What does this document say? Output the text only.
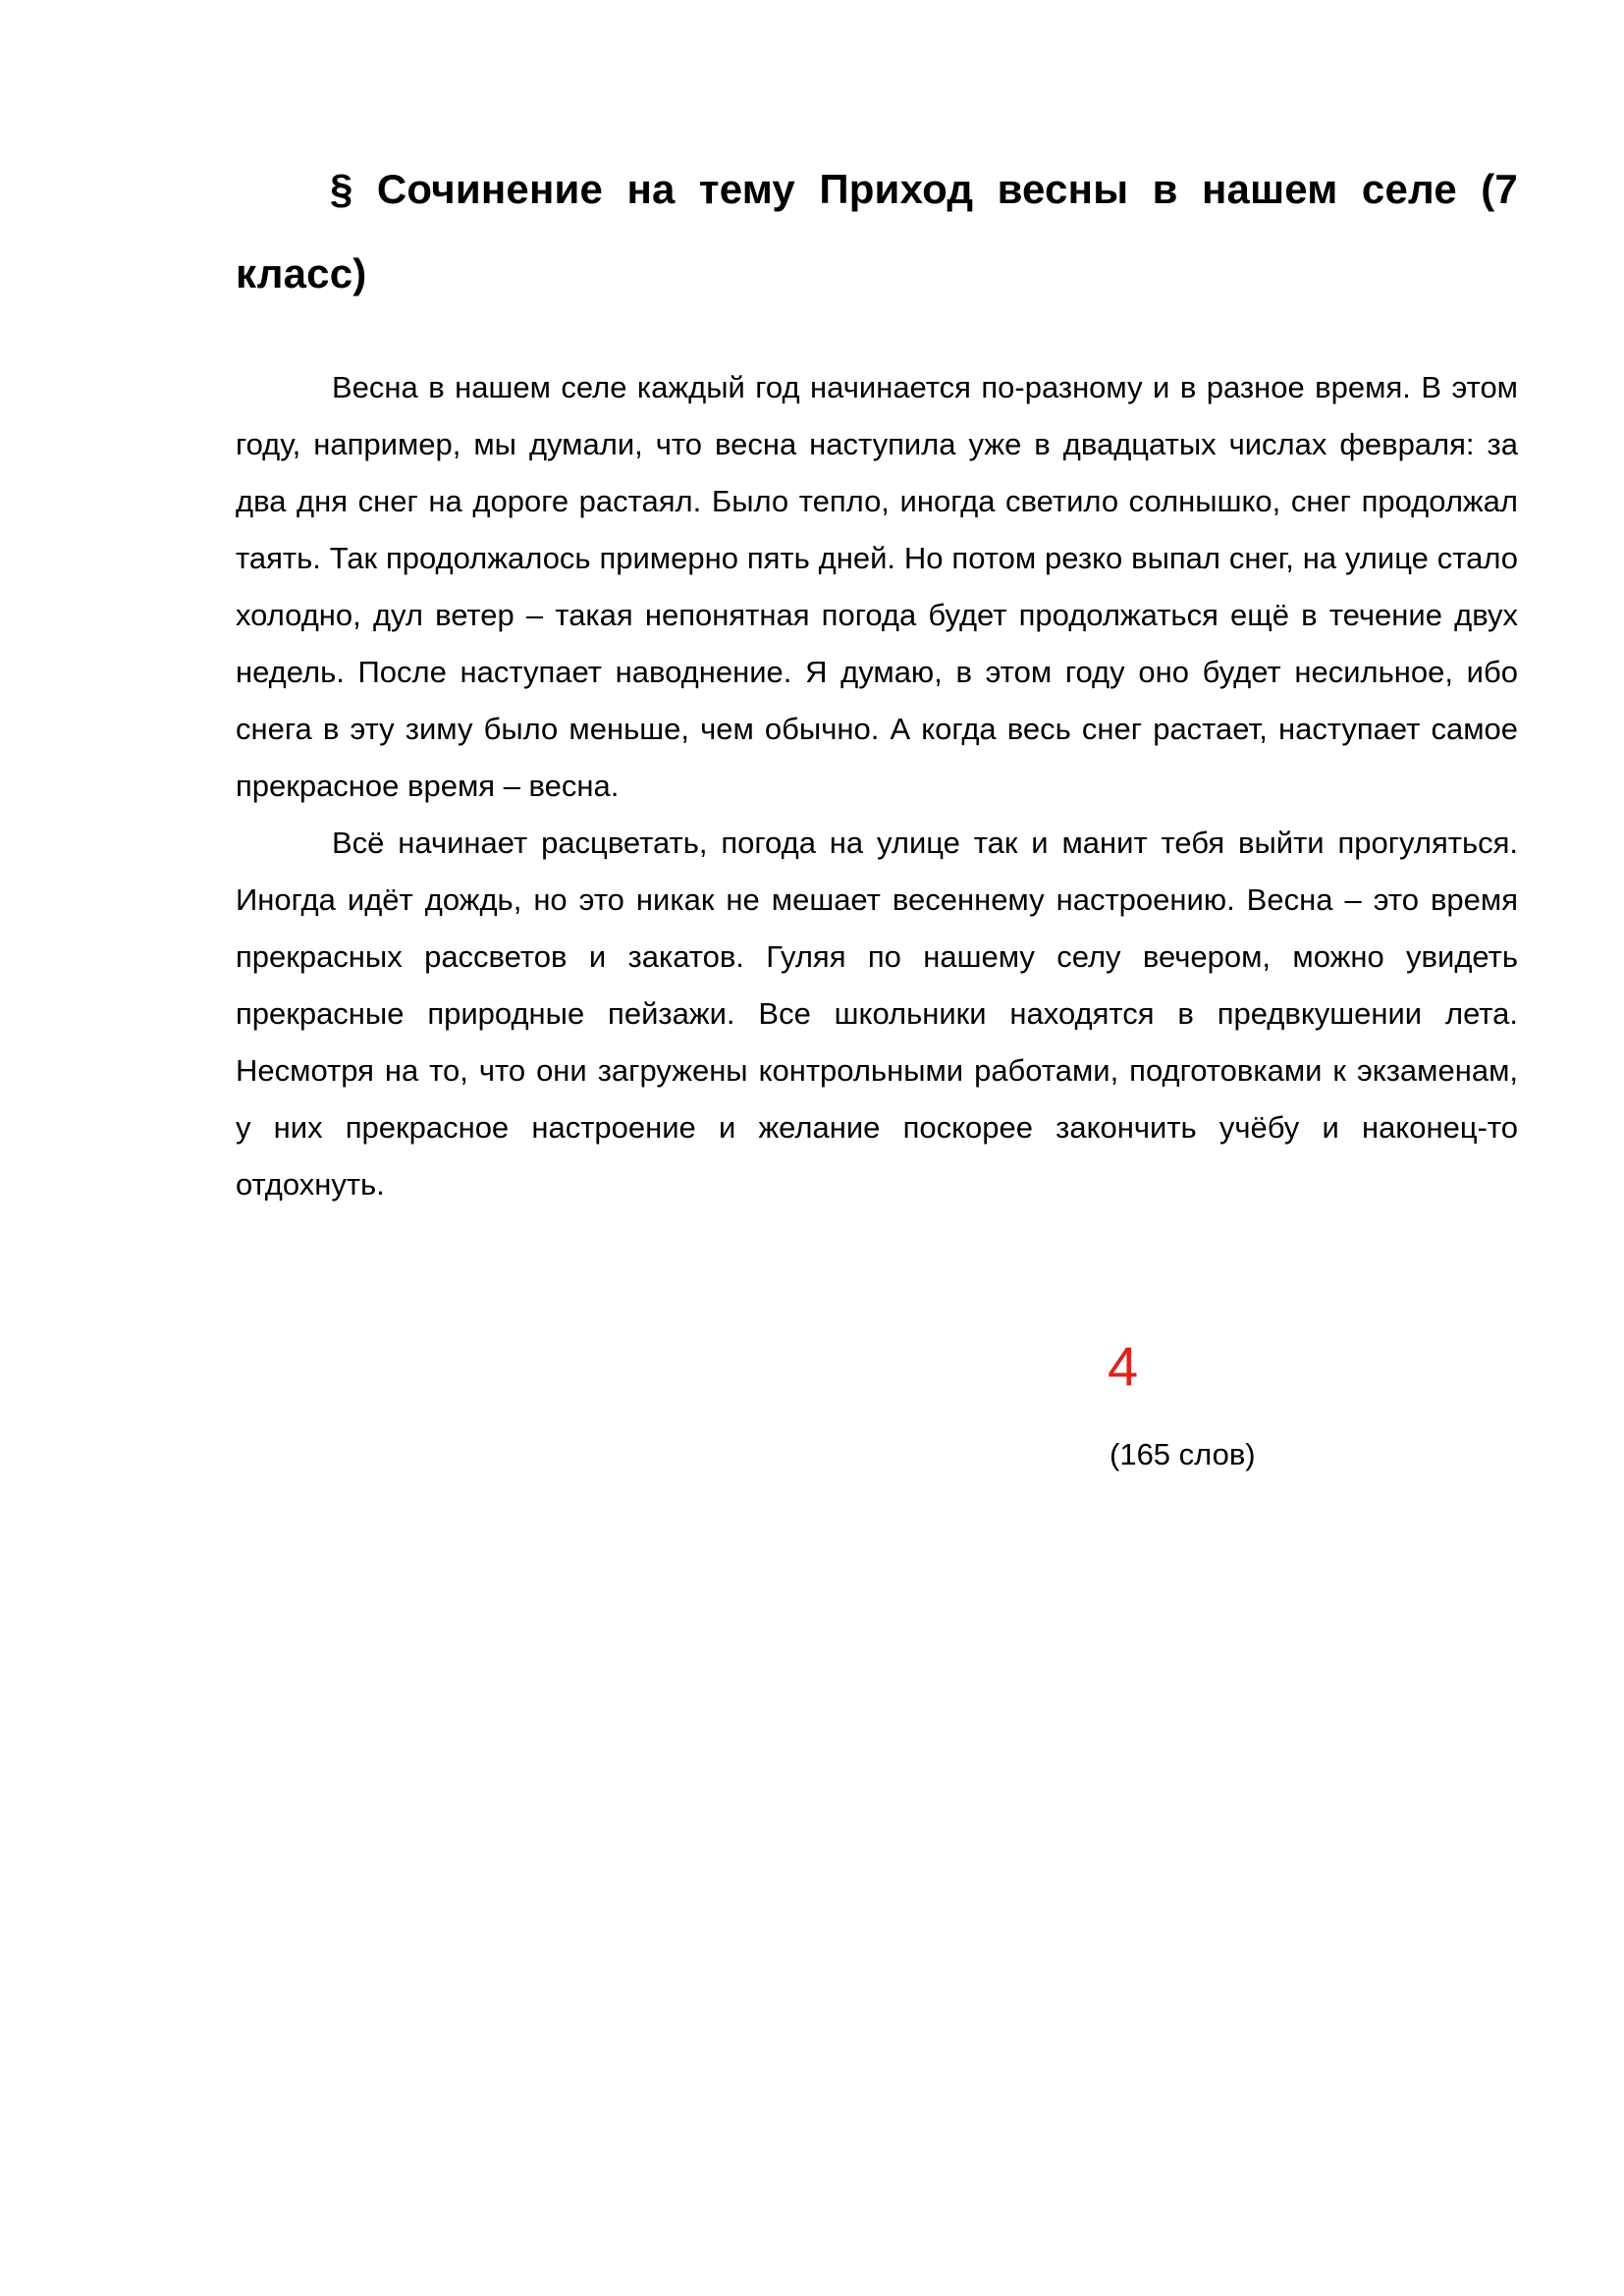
§ Сочинение на тему Приход весны в нашем селе (7 класс)

Весна в нашем селе каждый год начинается по-разному и в разное время. В этом году, например, мы думали, что весна наступила уже в двадцатых числах февраля: за два дня снег на дороге растаял. Было тепло, иногда светило солнышко, снег продолжал таять. Так продолжалось примерно пять дней. Но потом резко выпал снег, на улице стало холодно, дул ветер – такая непонятная погода будет продолжаться ещё в течение двух недель. После наступает наводнение. Я думаю, в этом году оно будет несильное, ибо снега в эту зиму было меньше, чем обычно. А когда весь снег растает, наступает самое прекрасное время – весна.

Всё начинает расцветать, погода на улице так и манит тебя выйти прогуляться. Иногда идёт дождь, но это никак не мешает весеннему настроению. Весна – это время прекрасных рассветов и закатов. Гуляя по нашему селу вечером, можно увидеть прекрасные природные пейзажи. Все школьники находятся в предвкушении лета. Несмотря на то, что они загружены контрольными работами, подготовками к экзаменам, у них прекрасное настроение и желание поскорее закончить учёбу и наконец-то отдохнуть.

4
(165 слов)
